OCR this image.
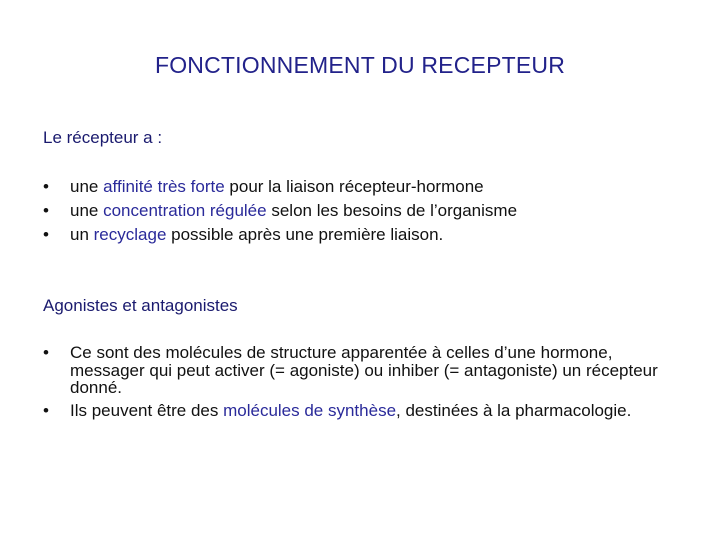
FONCTIONNEMENT DU RECEPTEUR
Le récepteur a :
• une affinité très forte pour la liaison récepteur-hormone
• une concentration régulée selon les besoins de l’organisme
• un recyclage possible après une première liaison.
Agonistes et antagonistes
• Ce sont des molécules de structure apparentée à celles d’une hormone, messager qui peut activer (= agoniste) ou inhiber (= antagoniste) un récepteur donné.
• Ils peuvent être des molécules de synthèse, destinées à la pharmacologie.
